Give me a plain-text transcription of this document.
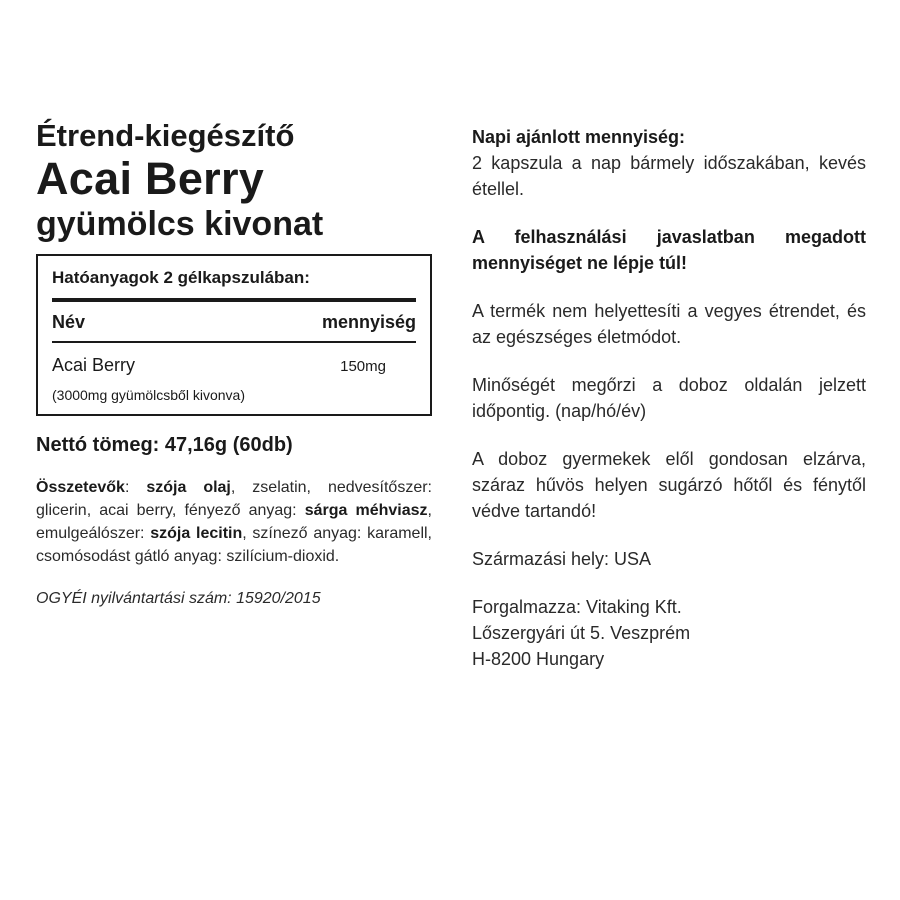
Étrend-kiegészítő

Acai Berry

gyümölcs kivonat

Hatóanyagok 2 gélkapszulában:
Név	mennyiség
Acai Berry	150mg
(3000mg gyümölcsből kivonva)

Nettó tömeg: 47,16g (60db)

Összetevők: szója olaj, zselatin, nedvesítőszer: glicerin, acai berry, fényező anyag: sárga méhviasz, emulgeálószer: szója lecitin, színező anyag: karamell, csomósodást gátló anyag: szilícium-dioxid.

OGYÉI nyilvántartási szám: 15920/2015

Napi ajánlott mennyiség:
2 kapszula a nap bármely időszakában, kevés étellel.

A felhasználási javaslatban megadott mennyiséget ne lépje túl!

A termék nem helyettesíti a vegyes étrendet, és az egészséges életmódot.

Minőségét megőrzi a doboz oldalán jelzett időpontig. (nap/hó/év)

A doboz gyermekek elől gondosan elzárva, száraz hűvös helyen sugárzó hőtől és fénytől védve tartandó!

Származási hely: USA

Forgalmazza: Vitaking Kft.
Lőszergyári út 5. Veszprém
H-8200 Hungary
